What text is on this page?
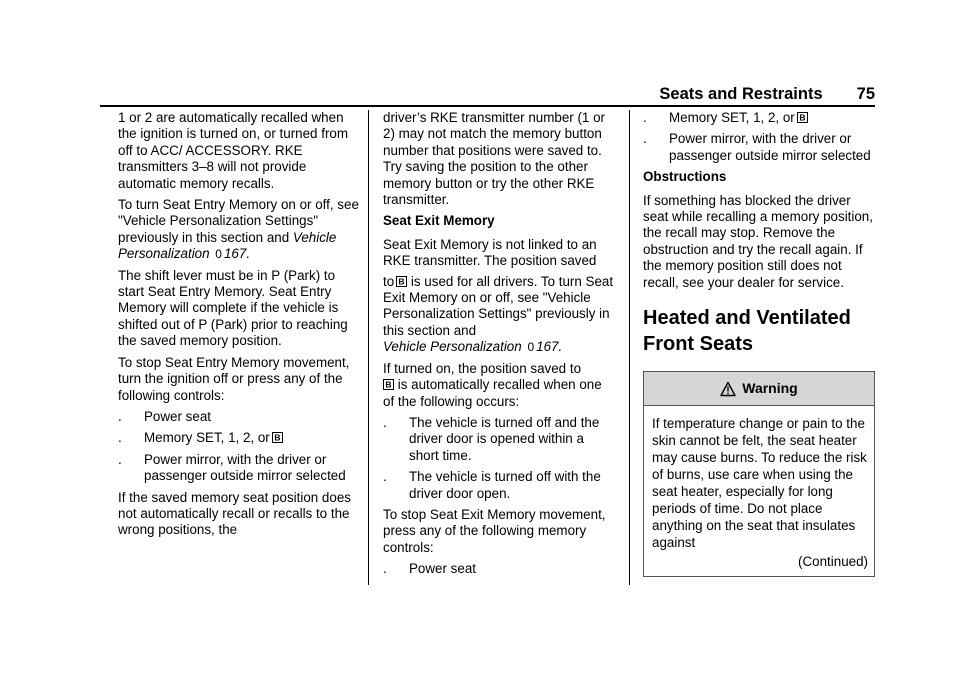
Seats and Restraints 75

1 or 2 are automatically recalled when the ignition is turned on, or turned from off to ACC/ ACCESSORY. RKE transmitters 3–8 will not provide automatic memory recalls.

To turn Seat Entry Memory on or off, see "Vehicle Personalization Settings" previously in this section and Vehicle Personalization 0 167.

The shift lever must be in P (Park) to start Seat Entry Memory. Seat Entry Memory will complete if the vehicle is shifted out of P (Park) prior to reaching the saved memory position.

To stop Seat Entry Memory movement, turn the ignition off or press any of the following controls:

.	Power seat
.	Memory SET, 1, 2, or B
.	Power mirror, with the driver or passenger outside mirror selected

If the saved memory seat position does not automatically recall or recalls to the wrong positions, the

driver’s RKE transmitter number (1 or 2) may not match the memory button number that positions were saved to. Try saving the position to the other memory button or try the other RKE transmitter.

Seat Exit Memory

Seat Exit Memory is not linked to an RKE transmitter. The position saved

to B is used for all drivers. To turn Seat Exit Memory on or off, see "Vehicle Personalization Settings" previously in this section and
Vehicle Personalization 0 167.

If turned on, the position saved to

B is automatically recalled when one of the following occurs:

.	The vehicle is turned off and the driver door is opened within a short time.
.	The vehicle is turned off with the driver door open.

To stop Seat Exit Memory movement, press any of the following memory controls:

.	Power seat
.	Memory SET, 1, 2, or B
.	Power mirror, with the driver or passenger outside mirror selected

Obstructions

If something has blocked the driver seat while recalling a memory position, the recall may stop. Remove the obstruction and try the recall again. If the memory position still does not recall, see your dealer for service.

Heated and Ventilated Front Seats
Warning
If temperature change or pain to the skin cannot be felt, the seat heater may cause burns. To reduce the risk of burns, use care when using the seat heater, especially for long periods of time. Do not place anything on the seat that insulates against
(Continued)
